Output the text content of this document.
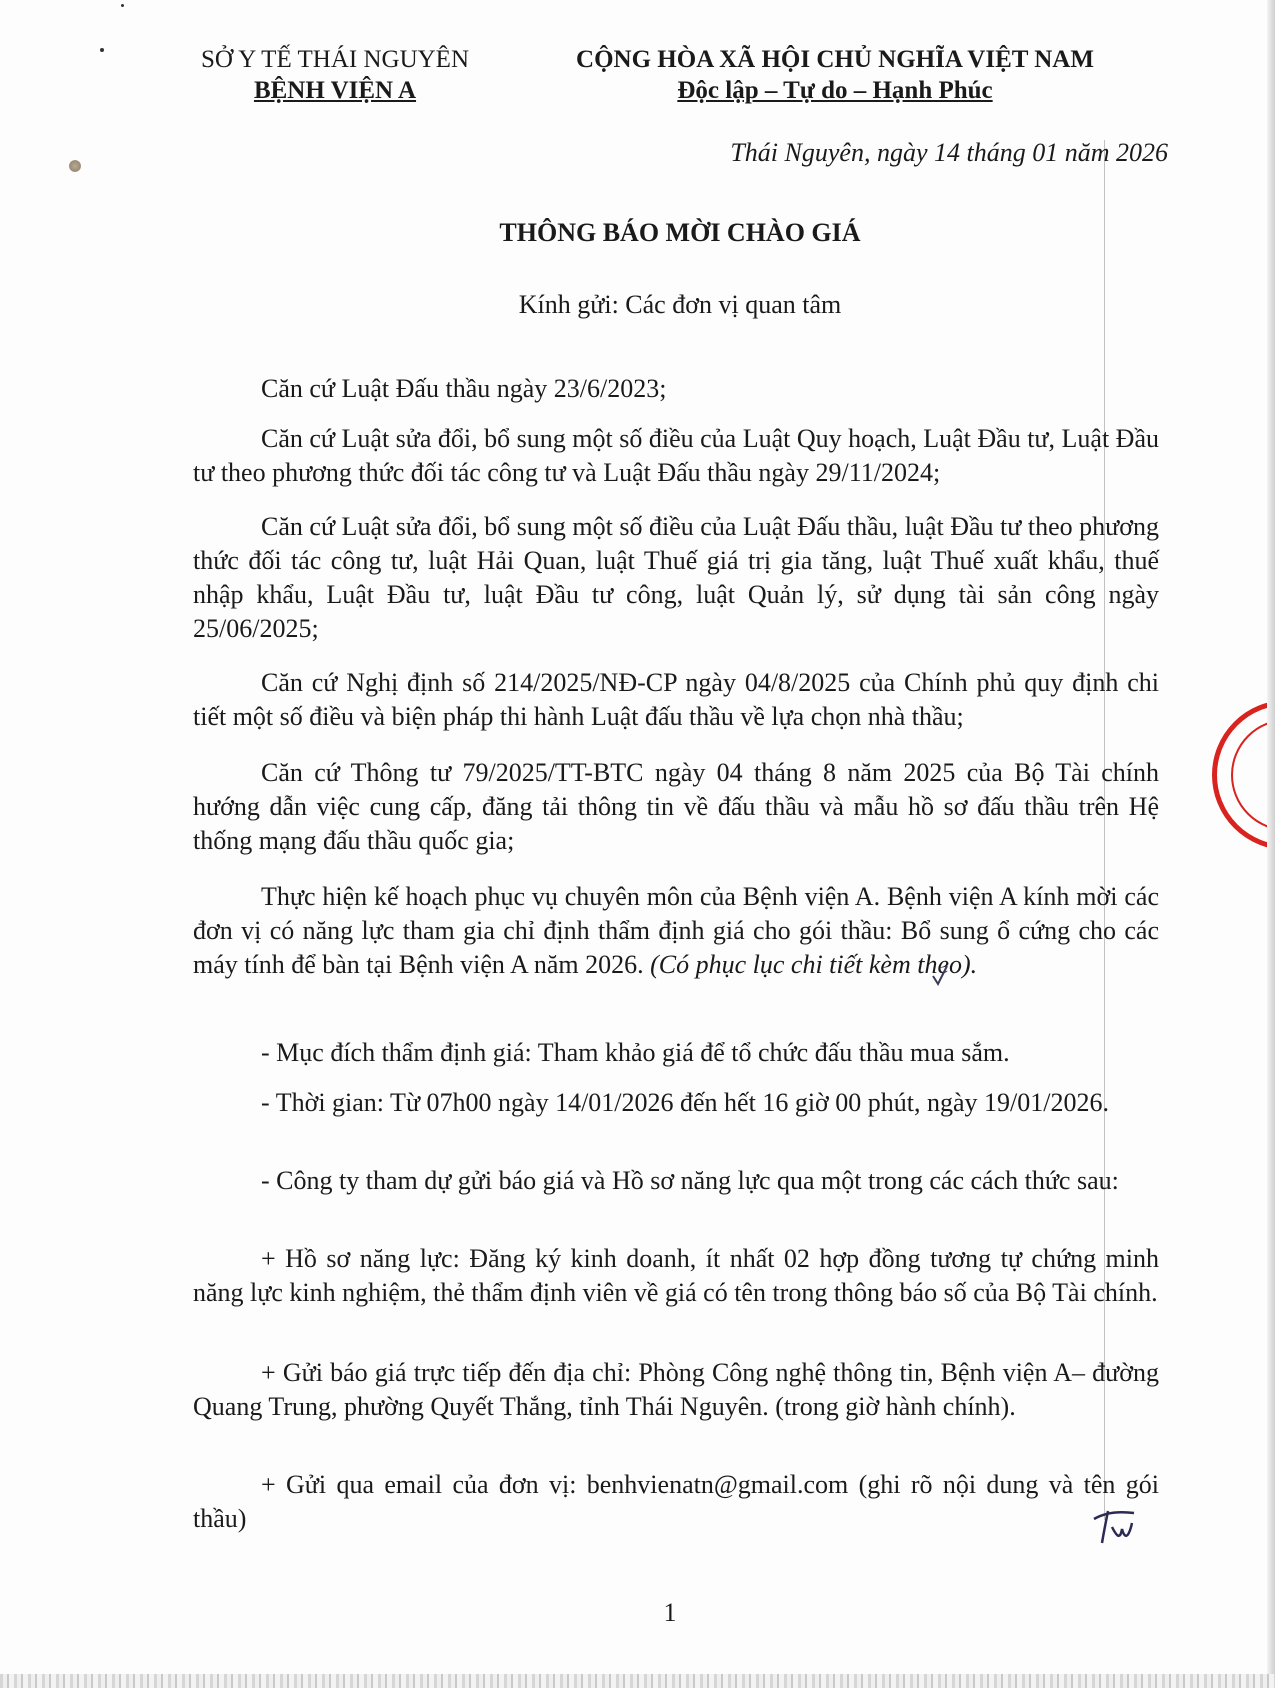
SỞ Y TẾ THÁI NGUYÊN
BỆNH VIỆN A
CỘNG HÒA XÃ HỘI CHỦ NGHĨA VIỆT NAM
Độc lập – Tự do – Hạnh Phúc
Thái Nguyên, ngày 14 tháng 01 năm 2026
THÔNG BÁO MỜI CHÀO GIÁ
Kính gửi: Các đơn vị quan tâm
Căn cứ Luật Đấu thầu ngày 23/6/2023;
Căn cứ Luật sửa đổi, bổ sung một số điều của Luật Quy hoạch, Luật Đầu tư, Luật Đầu tư theo phương thức đối tác công tư và Luật Đấu thầu ngày 29/11/2024;
Căn cứ Luật sửa đổi, bổ sung một số điều của Luật Đấu thầu, luật Đầu tư theo phương thức đối tác công tư, luật Hải Quan, luật Thuế giá trị gia tăng, luật Thuế xuất khẩu, thuế nhập khẩu, Luật Đầu tư, luật Đầu tư công, luật Quản lý, sử dụng tài sản công ngày 25/06/2025;
Căn cứ Nghị định số 214/2025/NĐ-CP ngày 04/8/2025 của Chính phủ quy định chi tiết một số điều và biện pháp thi hành Luật đấu thầu về lựa chọn nhà thầu;
Căn cứ Thông tư 79/2025/TT-BTC ngày 04 tháng 8 năm 2025 của Bộ Tài chính hướng dẫn việc cung cấp, đăng tải thông tin về đấu thầu và mẫu hồ sơ đấu thầu trên Hệ thống mạng đấu thầu quốc gia;
Thực hiện kế hoạch phục vụ chuyên môn của Bệnh viện A. Bệnh viện A kính mời các đơn vị có năng lực tham gia chỉ định thẩm định giá cho gói thầu: Bổ sung ổ cứng cho các máy tính để bàn tại Bệnh viện A năm 2026. (Có phục lục chi tiết kèm theo).
- Mục đích thẩm định giá: Tham khảo giá để tổ chức đấu thầu mua sắm.
- Thời gian: Từ 07h00 ngày 14/01/2026 đến hết 16 giờ 00 phút, ngày 19/01/2026.
- Công ty tham dự gửi báo giá và Hồ sơ năng lực qua một trong các cách thức sau:
+ Hồ sơ năng lực: Đăng ký kinh doanh, ít nhất 02 hợp đồng tương tự chứng minh năng lực kinh nghiệm, thẻ thẩm định viên về giá có tên trong thông báo số của Bộ Tài chính.
+ Gửi báo giá trực tiếp đến địa chỉ: Phòng Công nghệ thông tin, Bệnh viện A– đường Quang Trung, phường Quyết Thắng, tỉnh Thái Nguyên. (trong giờ hành chính).
+ Gửi qua email của đơn vị: benhvienatn@gmail.com (ghi rõ nội dung và tên gói thầu)
1
